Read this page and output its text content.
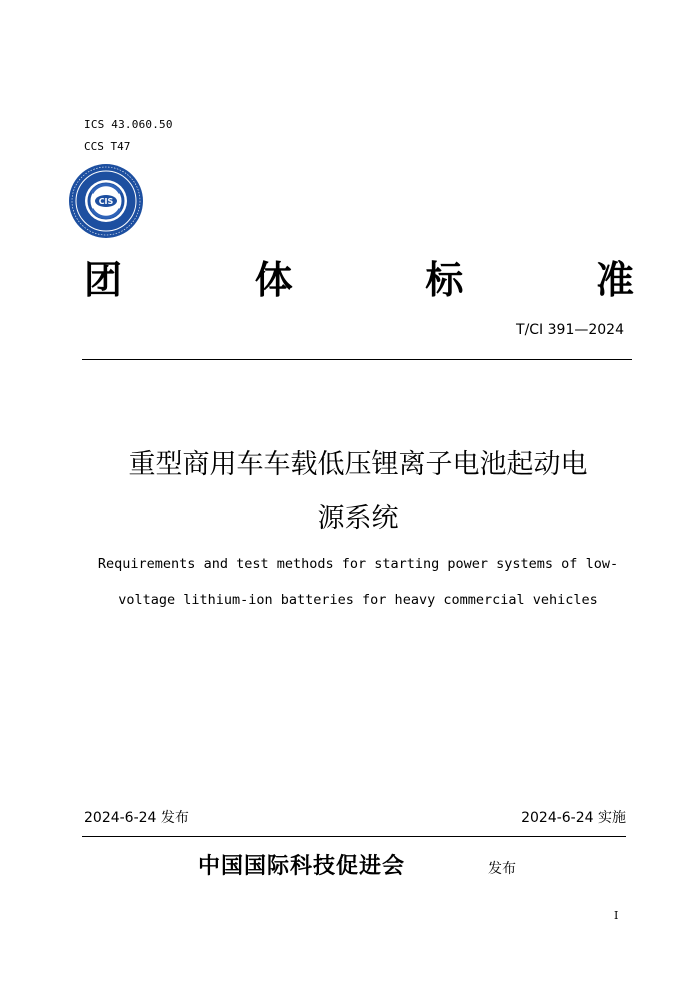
ICS 43.060.50
CCS T47
CIS
团	体	标	准
T/CI 391—2024
重型商用车车载低压锂离子电池起动电
源系统
Requirements and test methods for starting power systems of low-
voltage lithium-ion batteries for heavy commercial vehicles
2024-6-24 发布	2024-6-24 实施
中国国际科技促进会	发布
I
